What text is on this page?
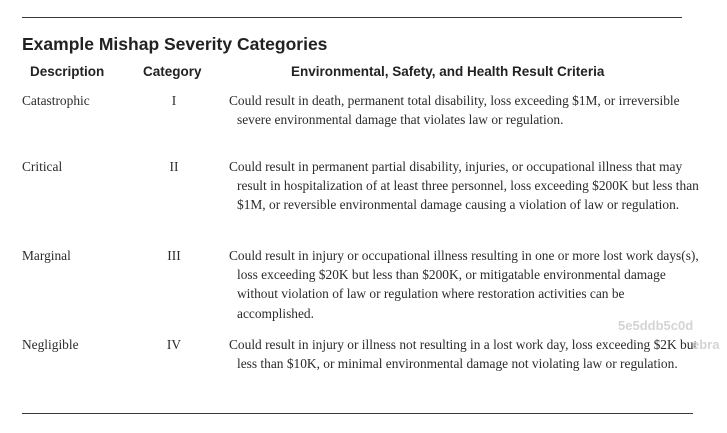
Example Mishap Severity Categories
Description	Category	Environmental, Safety, and Health Result Criteria
Catastrophic	I	Could result in death, permanent total disability, loss exceeding $1M, or irreversible severe environmental damage that violates law or regulation.
Critical	II	Could result in permanent partial disability, injuries, or occupational illness that may result in hospitalization of at least three personnel, loss exceeding $200K but less than $1M, or reversible environmental damage causing a violation of law or regulation.
Marginal	III	Could result in injury or occupational illness resulting in one or more lost work days(s), loss exceeding $20K but less than $200K, or mitigatable environmental damage without violation of law or regulation where restoration activities can be accomplished.
Negligible	IV	Could result in injury or illness not resulting in a lost work day, loss exceeding $2K but less than $10K, or minimal environmental damage not violating law or regulation.
5e5ddb5c0d
ebra
